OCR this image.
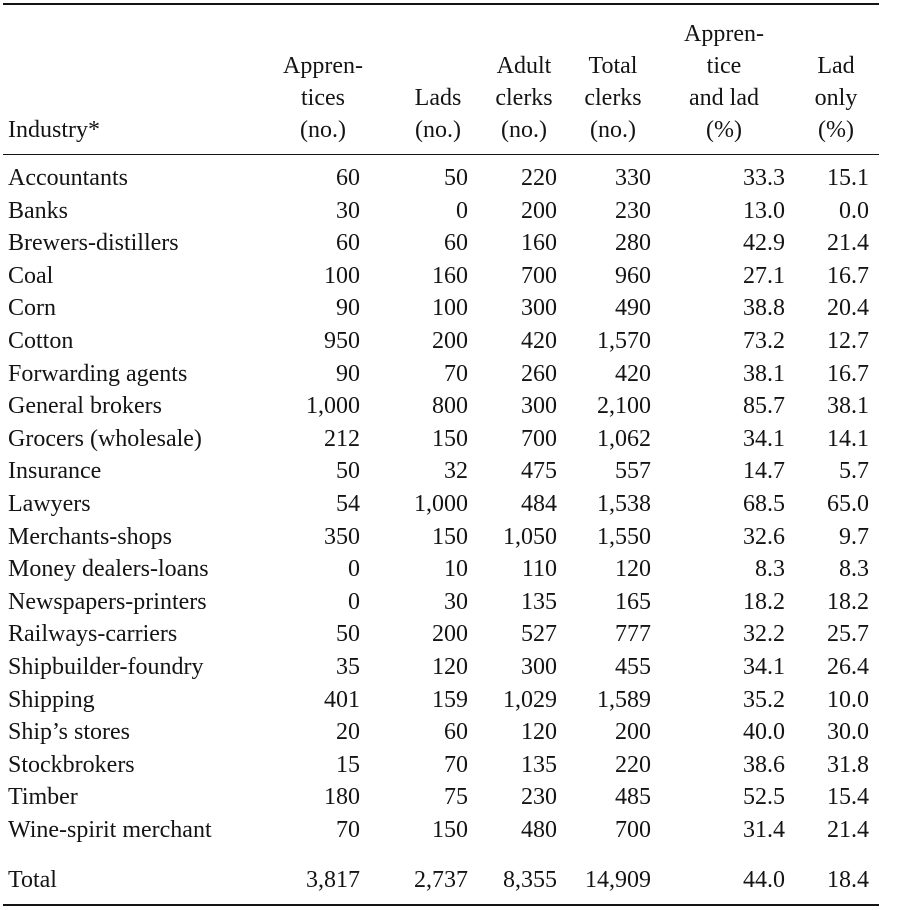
Industry*
Appren-
tices
(no.)
Lads
(no.)
Adult
clerks
(no.)
Total
clerks
(no.)
Appren-
tice
and lad
(%)
Lad
only
(%)
Accountants	60	50 220 330	33.3 15.1
Banks	30	0 200 230	13.0 0.0
Brewers-distillers	60	60 160 280	42.9 21.4
Coal	100	160 700 960	27.1 16.7
Corn	90	100 300 490	38.8 20.4
Cotton	950	200 420 1,570	73.2 12.7
Forwarding agents	90	70 260 420	38.1 16.7
General brokers	1,000	800 300 2,100	85.7 38.1
Grocers (wholesale)	212	150 700 1,062	34.1 14.1
Insurance	50	32 475 557	14.7 5.7
Lawyers	54 1,000 484 1,538	68.5 65.0
Merchants-shops	350	150 1,050 1,550	32.6 9.7
Money dealers-loans	0	10 110 120	8.3 8.3
Newspapers-printers	0	30 135 165	18.2 18.2
Railways-carriers	50	200 527 777	32.2 25.7
Shipbuilder-foundry	35	120 300 455	34.1 26.4
Shipping	401	159 1,029 1,589	35.2 10.0
Ship’s stores	20	60 120 200	40.0 30.0
Stockbrokers	15	70 135 220	38.6 31.8
Timber	180	75 230 485	52.5 15.4
Wine-spirit merchant	70	150 480 700	31.4 21.4
Total	3,817 2,737 8,355 14,909	44.0 18.4
